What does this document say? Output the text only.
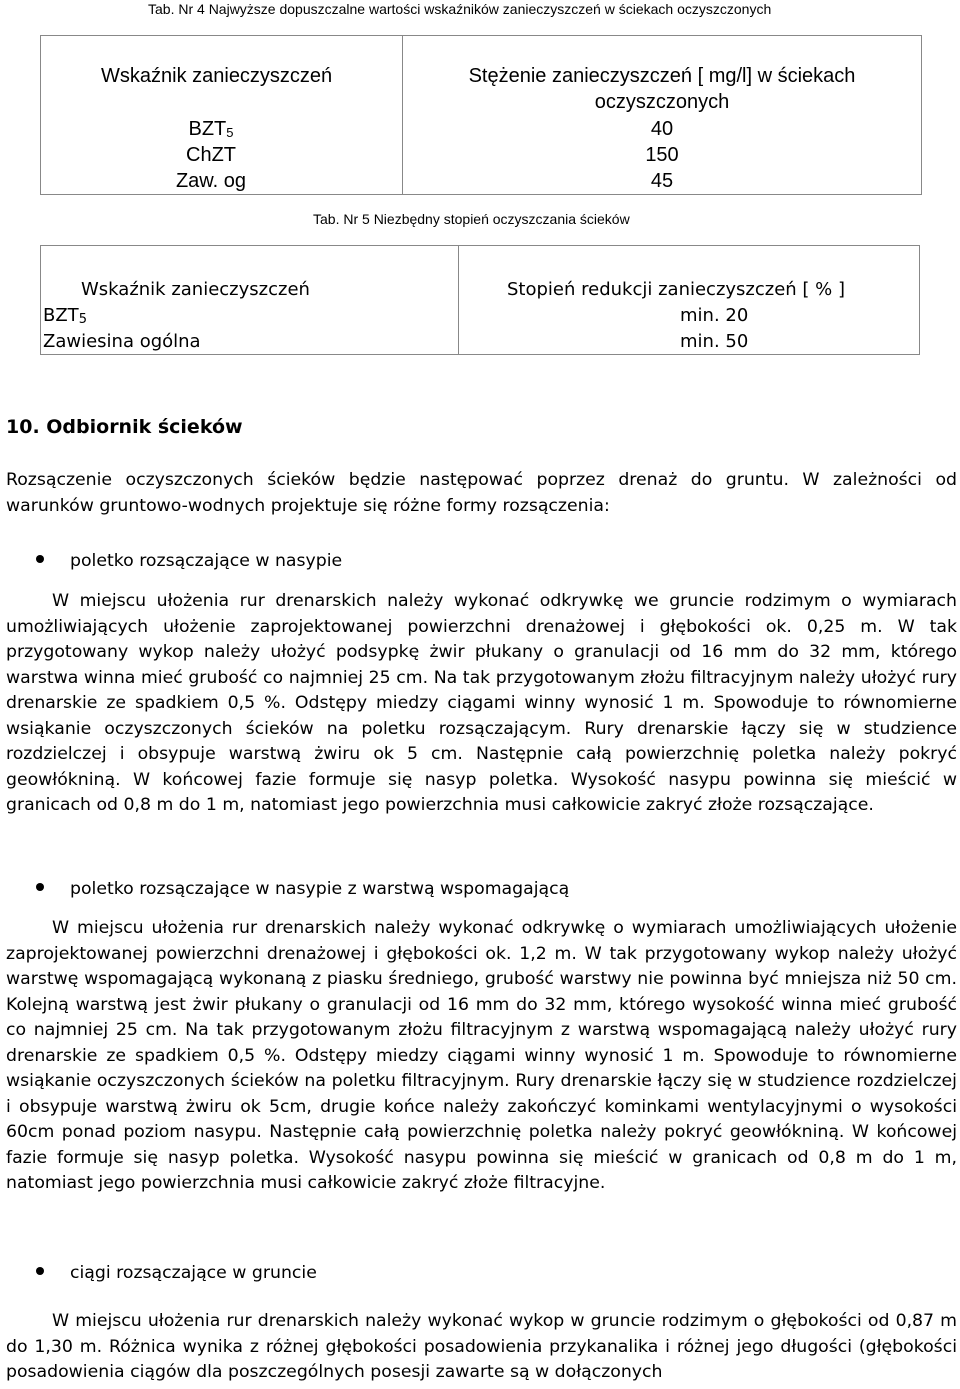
Tab. Nr 4 Najwyższe dopuszczalne wartości wskaźników zanieczyszczeń w ściekach oczyszczonych
Wskaźnik zanieczyszczeń	Stężenie zanieczyszczeń [ mg/l] w ściekach
oczyszczonych
BZT5	40
ChZT	150
Zaw. og	45
Tab. Nr 5 Niezbędny stopień oczyszczania ścieków
Wskaźnik zanieczyszczeń	Stopień redukcji zanieczyszczeń [ % ]
BZT5	min. 20
Zawiesina ogólna	min. 50
10. Odbiornik ścieków
Rozsączenie oczyszczonych ścieków będzie następować poprzez drenaż do gruntu. W zależności od warunków gruntowo-wodnych projektuje się różne formy rozsączenia:
poletko rozsączające w nasypie
W miejscu ułożenia rur drenarskich należy wykonać odkrywkę we gruncie rodzimym o wymiarach umożliwiających ułożenie zaprojektowanej powierzchni drenażowej i głębokości ok. 0,25 m. W tak przygotowany wykop należy ułożyć podsypkę żwir płukany o granulacji od 16 mm do 32 mm, którego warstwa winna mieć grubość co najmniej 25 cm. Na tak przygotowanym złożu filtracyjnym należy ułożyć rury drenarskie ze spadkiem 0,5 %. Odstępy miedzy ciągami winny wynosić 1 m. Spowoduje to równomierne wsiąkanie oczyszczonych ścieków na poletku rozsączającym. Rury drenarskie łączy się w studzience rozdzielczej i obsypuje warstwą żwiru ok 5 cm. Następnie całą powierzchnię poletka należy pokryć geowłókniną. W końcowej fazie formuje się nasyp poletka. Wysokość nasypu powinna się mieścić w granicach od 0,8 m do 1 m, natomiast jego powierzchnia musi całkowicie zakryć złoże rozsączające.
poletko rozsączające w nasypie z warstwą wspomagającą
W miejscu ułożenia rur drenarskich należy wykonać odkrywkę o wymiarach umożliwiających ułożenie zaprojektowanej powierzchni drenażowej i głębokości ok. 1,2 m. W tak przygotowany wykop należy ułożyć warstwę wspomagającą wykonaną z piasku średniego, grubość warstwy nie powinna być mniejsza niż 50 cm. Kolejną warstwą jest żwir płukany o granulacji od 16 mm do 32 mm, którego wysokość winna mieć grubość co najmniej 25 cm. Na tak przygotowanym złożu filtracyjnym z warstwą wspomagającą należy ułożyć rury drenarskie ze spadkiem 0,5 %. Odstępy miedzy ciągami winny wynosić 1 m. Spowoduje to równomierne wsiąkanie oczyszczonych ścieków na poletku filtracyjnym. Rury drenarskie łączy się w studzience rozdzielczej i obsypuje warstwą żwiru ok 5cm, drugie końce należy zakończyć kominkami wentylacyjnymi o wysokości 60cm ponad poziom nasypu. Następnie całą powierzchnię poletka należy pokryć geowłókniną. W końcowej fazie formuje się nasyp poletka. Wysokość nasypu powinna się mieścić w granicach od 0,8 m do 1 m, natomiast jego powierzchnia musi całkowicie zakryć złoże filtracyjne.
ciągi rozsączające w gruncie
W miejscu ułożenia rur drenarskich należy wykonać wykop w gruncie rodzimym o głębokości od 0,87 m do 1,30 m. Różnica wynika z różnej głębokości posadowienia przykanalika i różnej jego długości (głębokości posadowienia ciągów dla poszczególnych posesji zawarte są w dołączonych
